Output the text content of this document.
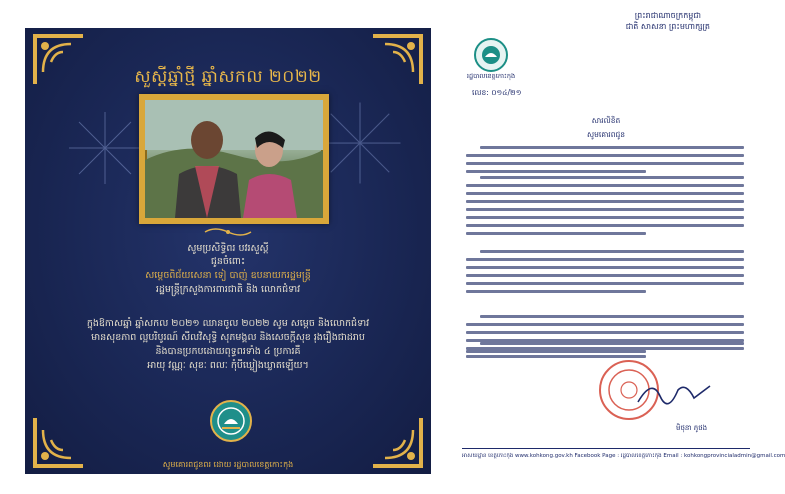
សួស្តីឆ្នាំថ្មី ឆ្នាំសកល ២០២២
សូមប្រសិទ្ធិពរ បវរសួស្តី
ជូនចំពោះ
សម្តេចពិជ័យសេនា ទៀ បាញ់ ឧបនាយករដ្ឋមន្ត្រី
រដ្ឋមន្ត្រីក្រសួងការពារជាតិ និង លោកជំទាវ
ក្នុងឱកាសឆ្នាំ ឆ្នាំសកល ២០២១ ឈានចូល ២០២២ សូម សម្តេច និងលោកជំទាវ
មានសុខភាព ល្អបរិបូរណ៍ សីលវិសុទ្ធិ សុភមង្គល និងសេចក្តីសុខ រុងរឿងជាដរាប
និងបានប្រកបដោយពុទ្ធពរទាំង ៤ ប្រការគឺ
អាយុ វណ្ណៈ សុខៈ ពលៈ កុំបីឃ្លៀងឃ្លាតឡើយ។
សូមគោរពជូនពរ ដោយ ​រដ្ឋបាលខេត្តកោះកុង
ព្រះរាជាណាចក្រកម្ពុជា
ជាតិ សាសនា ព្រះមហាក្សត្រ
រដ្ឋបាលខេត្តកោះកុង
លេខ: ០១៤/២១
សារលិខិត
សូមគោរពជូន
មិថុនា ភូថង
អាសយដ្ឋាន ខេត្តកោះកុង www.kohkong.gov.kh Facebook Page : រដ្ឋបាលខេត្តកោះកុង Email : kohkongprovincialadmin@gmail.com
